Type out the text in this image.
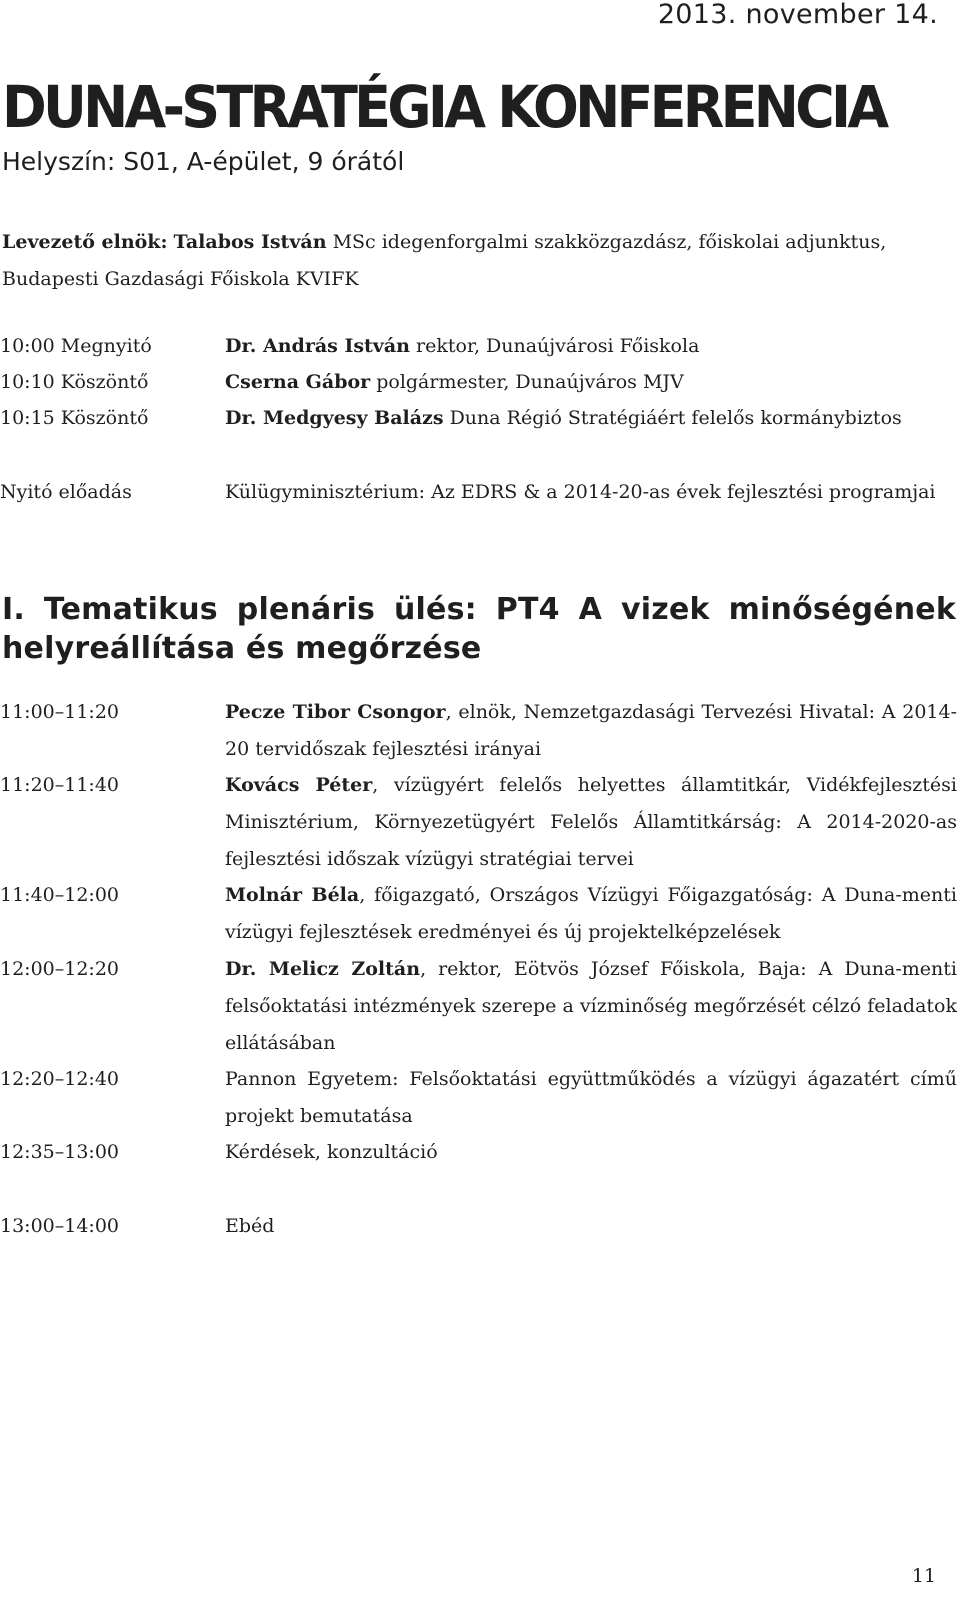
2013. november 14.
DUNA-STRATÉGIA KONFERENCIA
Helyszín: S01, A-épület, 9 órától
Levezető elnök: Talabos István MSc idegenforgalmi szakközgazdász, főiskolai adjunktus, Budapesti Gazdasági Főiskola KVIFK
10:00 Megnyitó	Dr. András István rektor, Dunaújvárosi Főiskola
10:10 Köszöntő	Cserna Gábor polgármester, Dunaújváros MJV
10:15 Köszöntő	Dr. Medgyesy Balázs Duna Régió Stratégiáért felelős kormánybiztos
Nyitó előadás	Külügyminisztérium: Az EDRS & a 2014-20-as évek fejlesztési programjai
I. Tematikus plenáris ülés: PT4 A vizek minőségének helyreállítása és megőrzése
11:00–11:20	Pecze Tibor Csongor, elnök, Nemzetgazdasági Tervezési Hivatal: A 2014-20 tervidőszak fejlesztési irányai
11:20–11:40	Kovács Péter, vízügyért felelős helyettes államtitkár, Vidékfejlesztési Minisztérium, Környezetügyért Felelős Államtitkárság: A 2014-2020-as fejlesztési időszak vízügyi stratégiai tervei
11:40–12:00	Molnár Béla, főigazgató, Országos Vízügyi Főigazgatóság: A Duna-menti vízügyi fejlesztések eredményei és új projektelképzelések
12:00–12:20	Dr. Melicz Zoltán, rektor, Eötvös József Főiskola, Baja: A Duna-menti felsőoktatási intézmények szerepe a vízminőség megőrzését célzó feladatok ellátásában
12:20–12:40	Pannon Egyetem: Felsőoktatási együttműködés a vízügyi ágazatért című projekt bemutatása
12:35–13:00	Kérdések, konzultáció
13:00–14:00	Ebéd
11
